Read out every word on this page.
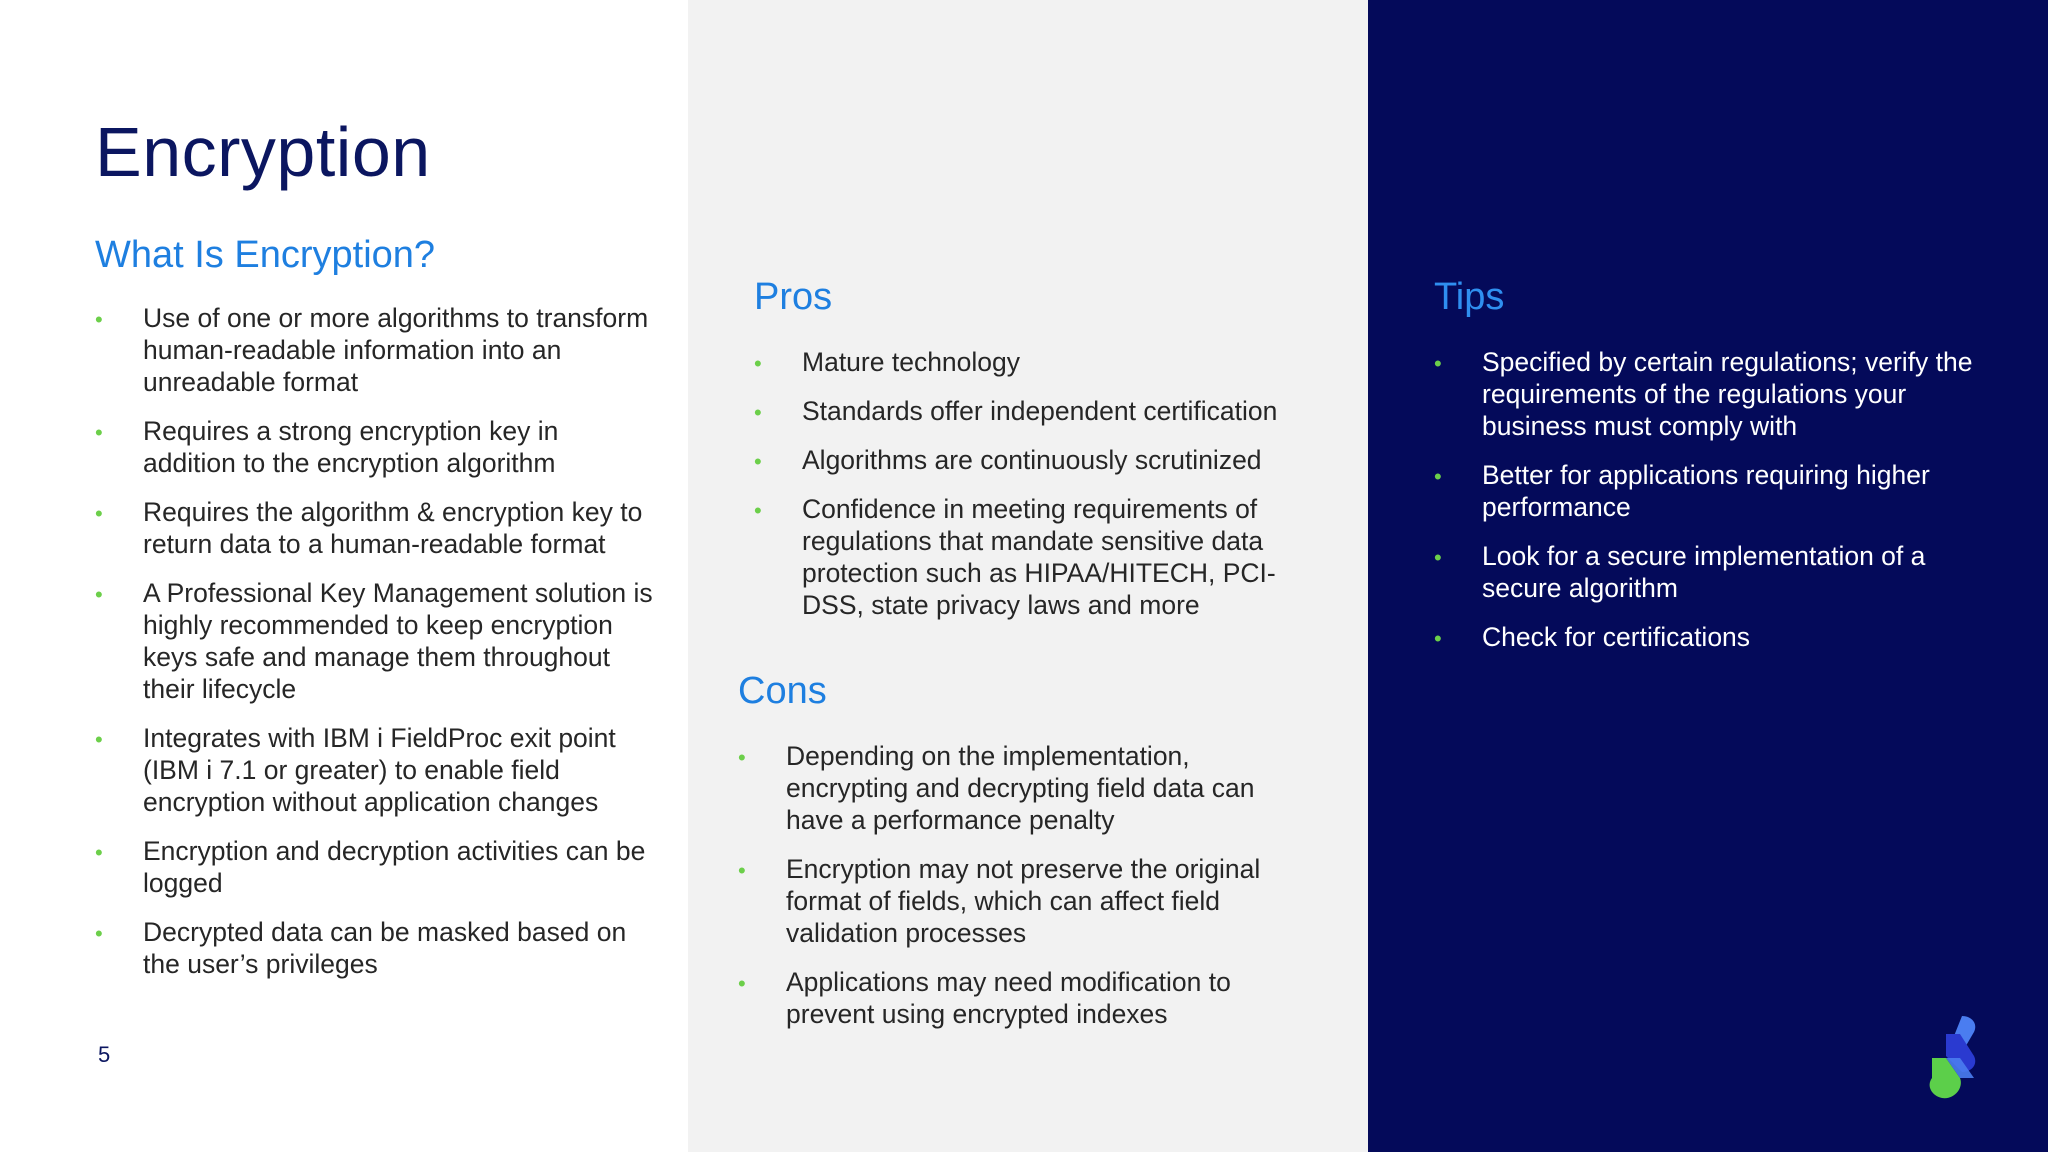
Encryption
What Is Encryption?
• Use of one or more algorithms to transform human-readable information into an unreadable format
• Requires a strong encryption key in addition to the encryption algorithm
• Requires the algorithm & encryption key to return data to a human-readable format
• A Professional Key Management solution is highly recommended to keep encryption keys safe and manage them throughout their lifecycle
• Integrates with IBM i FieldProc exit point (IBM i 7.1 or greater) to enable field encryption without application changes
• Encryption and decryption activities can be logged
• Decrypted data can be masked based on the user’s privileges
5
Pros
• Mature technology
• Standards offer independent certification
• Algorithms are continuously scrutinized
• Confidence in meeting requirements of regulations that mandate sensitive data protection such as HIPAA/HITECH, PCI-DSS, state privacy laws and more
Cons
• Depending on the implementation, encrypting and decrypting field data can have a performance penalty
• Encryption may not preserve the original format of fields, which can affect field validation processes
• Applications may need modification to prevent using encrypted indexes
Tips
• Specified by certain regulations; verify the requirements of the regulations your business must comply with
• Better for applications requiring higher performance
• Look for a secure implementation of a secure algorithm
• Check for certifications
